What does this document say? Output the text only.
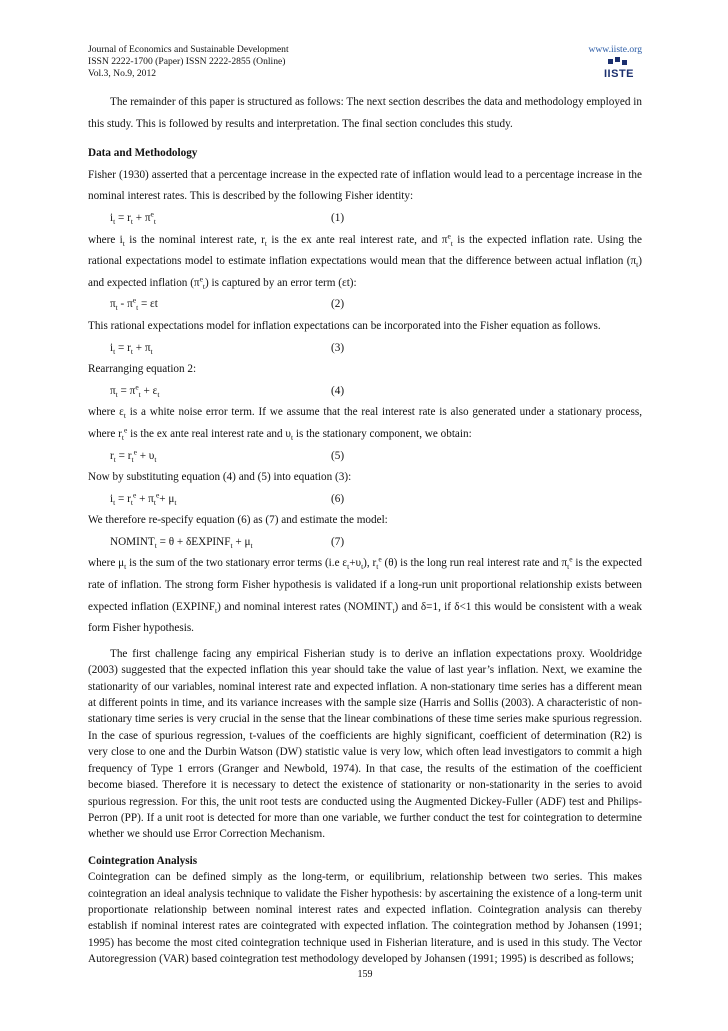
Journal of Economics and Sustainable Development
ISSN 2222-1700 (Paper) ISSN 2222-2855 (Online)
Vol.3, No.9, 2012
www.iiste.org
IISTE

The remainder of this paper is structured as follows: The next section describes the data and methodology employed in this study. This is followed by results and interpretation. The final section concludes this study.

Data and Methodology

Fisher (1930) asserted that a percentage increase in the expected rate of inflation would lead to a percentage increase in the nominal interest rates. This is described by the following Fisher identity:

$i_t = r_t + \pi^e_t$	(1)

where $i_t$ is the nominal interest rate, $r_t$ is the ex ante real interest rate, and $\pi^e_t$ is the expected inflation rate. Using the rational expectations model to estimate inflation expectations would mean that the difference between actual inflation $(\pi_t)$ and expected inflation $(\pi^e_t)$ is captured by an error term (εt):

$\pi_t - \pi^e_t = \varepsilon t$	(2)

This rational expectations model for inflation expectations can be incorporated into the Fisher equation as follows.

$i_t = r_t + \pi_t$	(3)

Rearranging equation 2:

$\pi_t = \pi^e_t + \varepsilon_t$	(4)

where $\varepsilon_t$ is a white noise error term. If we assume that the real interest rate is also generated under a stationary process, where $r_t^e$ is the ex ante real interest rate and $\upsilon_t$ is the stationary component, we obtain:

$r_t = r_t^e + \upsilon_t$	(5)

Now by substituting equation (4) and (5) into equation (3):

$i_t = r_t^e + \pi_t^e+ \mu_t$	(6)

We therefore re-specify equation (6) as (7) and estimate the model:

$NOMINT_t = \theta$ + δEXPINF$_t$ + $\mu_t$	(7)

where $\mu_t$ is the sum of the two stationary error terms (i.e $\varepsilon_t+\upsilon_t$), $r_t^e$ (θ) is the long run real interest rate and $\pi_t^e$ is the expected rate of inflation. The strong form Fisher hypothesis is validated if a long-run unit proportional relationship exists between expected inflation $(EXPINF_t)$ and nominal interest rates $(NOMINT_t)$ and δ=1, if δ<1 this would be consistent with a weak form Fisher hypothesis.

The first challenge facing any empirical Fisherian study is to derive an inflation expectations proxy. Wooldridge (2003) suggested that the expected inflation this year should take the value of last year’s inflation. Next, we examine the stationarity of our variables, nominal interest rate and expected inflation. A non-stationary time series has a different mean at different points in time, and its variance increases with the sample size (Harris and Sollis (2003). A characteristic of non-stationary time series is very crucial in the sense that the linear combinations of these time series make spurious regression. In the case of spurious regression, t-values of the coefficients are highly significant, coefficient of determination (R2) is very close to one and the Durbin Watson (DW) statistic value is very low, which often lead investigators to commit a high frequency of Type 1 errors (Granger and Newbold, 1974). In that case, the results of the estimation of the coefficient become biased. Therefore it is necessary to detect the existence of stationarity or non-stationarity in the series to avoid spurious regression. For this, the unit root tests are conducted using the Augmented Dickey-Fuller (ADF) test and Philips-Perron (PP). If a unit root is detected for more than one variable, we further conduct the test for cointegration to determine whether we should use Error Correction Mechanism.

Cointegration Analysis

Cointegration can be defined simply as the long-term, or equilibrium, relationship between two series. This makes cointegration an ideal analysis technique to validate the Fisher hypothesis: by ascertaining the existence of a long-term unit proportionate relationship between nominal interest rates and expected inflation. Cointegration analysis can thereby establish if nominal interest rates are cointegrated with expected inflation. The cointegration method by Johansen (1991; 1995) has become the most cited cointegration technique used in Fisherian literature, and is used in this study. The Vector Autoregression (VAR) based cointegration test methodology developed by Johansen (1991; 1995) is described as follows;

159
